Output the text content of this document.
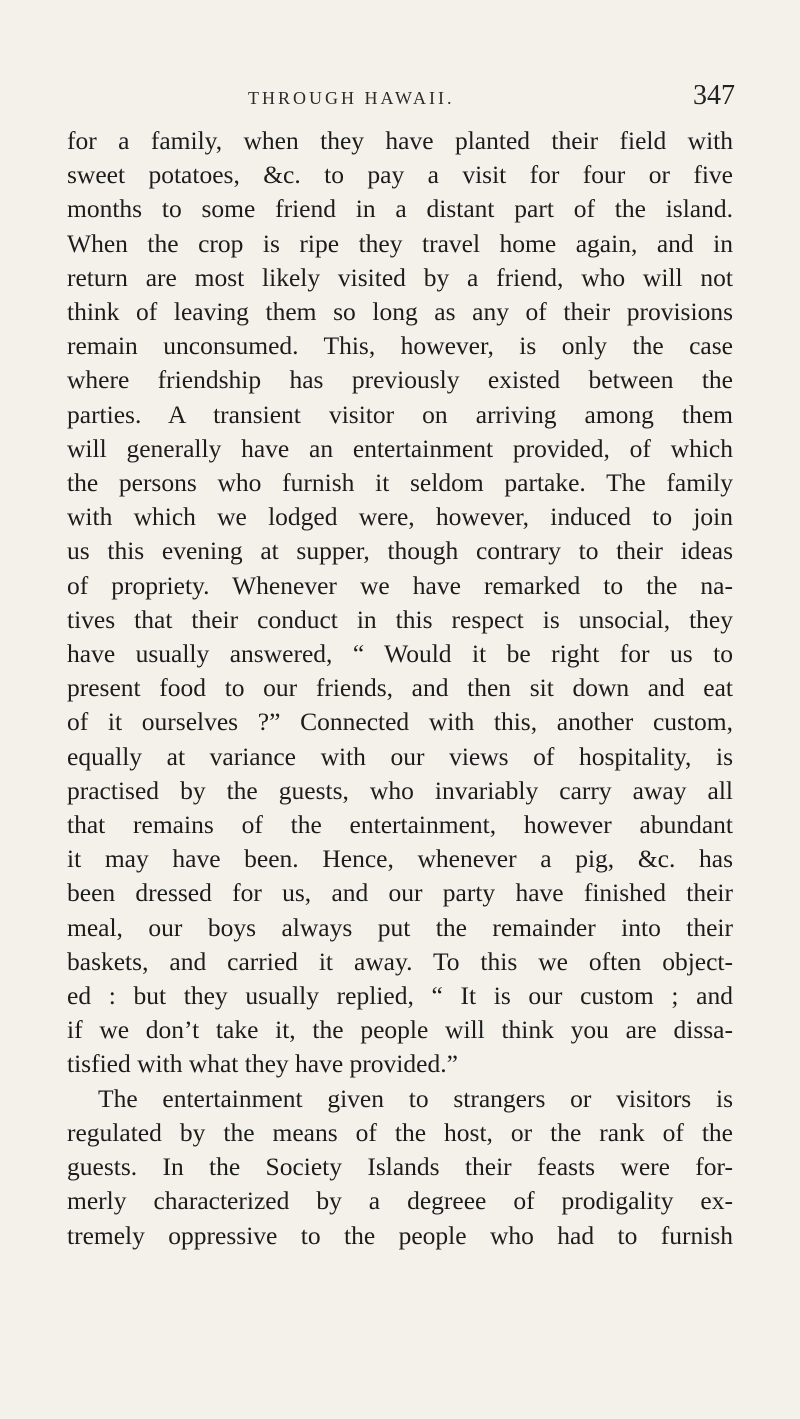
THROUGH HAWAII.	347
for a family, when they have planted their field with
sweet potatoes, &c. to pay a visit for four or five
months to some friend in a distant part of the island.
When the crop is ripe they travel home again, and in
return are most likely visited by a friend, who will not
think of leaving them so long as any of their provisions
remain unconsumed. This, however, is only the case
where friendship has previously existed between the
parties. A transient visitor on arriving among them
will generally have an entertainment provided, of which
the persons who furnish it seldom partake. The family
with which we lodged were, however, induced to join
us this evening at supper, though contrary to their ideas
of propriety. Whenever we have remarked to the na-
tives that their conduct in this respect is unsocial, they
have usually answered, “ Would it be right for us to
present food to our friends, and then sit down and eat
of it ourselves ?” Connected with this, another custom,
equally at variance with our views of hospitality, is
practised by the guests, who invariably carry away all
that remains of the entertainment, however abundant
it may have been. Hence, whenever a pig, &c. has
been dressed for us, and our party have finished their
meal, our boys always put the remainder into their
baskets, and carried it away. To this we often object-
ed : but they usually replied, “ It is our custom ; and
if we don’t take it, the people will think you are dissa-
tisfied with what they have provided.”
The entertainment given to strangers or visitors is
regulated by the means of the host, or the rank of the
guests. In the Society Islands their feasts were for-
merly characterized by a degreee of prodigality ex-
tremely oppressive to the people who had to furnish
